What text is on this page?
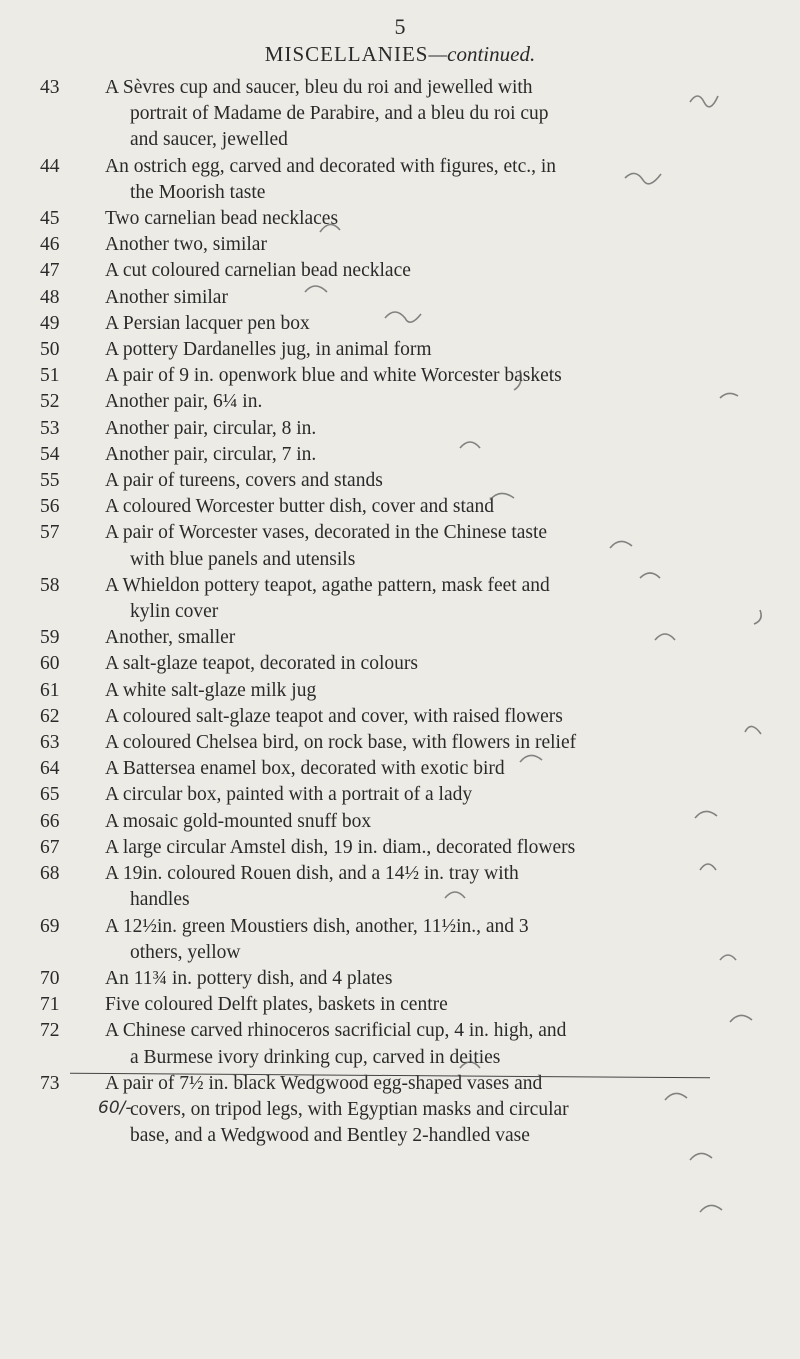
5
MISCELLANIES—continued.
43	A Sèvres cup and saucer, bleu du roi and jewelled with
portrait of Madame de Parabire, and a bleu du roi cup
and saucer, jewelled
44	An ostrich egg, carved and decorated with figures, etc., in
the Moorish taste
45	Two carnelian bead necklaces
46	Another two, similar
47	A cut coloured carnelian bead necklace
48	Another similar
49	A Persian lacquer pen box
50	A pottery Dardanelles jug, in animal form
51	A pair of 9 in. openwork blue and white Worcester baskets
52	Another pair, 6¼ in.
53	Another pair, circular, 8 in.
54	Another pair, circular, 7 in.
55	A pair of tureens, covers and stands
56	A coloured Worcester butter dish, cover and stand
57	A pair of Worcester vases, decorated in the Chinese taste
with blue panels and utensils
58	A Whieldon pottery teapot, agathe pattern, mask feet and
kylin cover
59	Another, smaller
60	A salt-glaze teapot, decorated in colours
61	A white salt-glaze milk jug
62	A coloured salt-glaze teapot and cover, with raised flowers
63	A coloured Chelsea bird, on rock base, with flowers in relief
64	A Battersea enamel box, decorated with exotic bird
65	A circular box, painted with a portrait of a lady
66	A mosaic gold-mounted snuff box
67	A large circular Amstel dish, 19 in. diam., decorated flowers
68	A 19in. coloured Rouen dish, and a 14½ in. tray with
handles
69	A 12½in. green Moustiers dish, another, 11½in., and 3
others, yellow
70	An 11¾ in. pottery dish, and 4 plates
71	Five coloured Delft plates, baskets in centre
72	A Chinese carved rhinoceros sacrificial cup, 4 in. high, and
a Burmese ivory drinking cup, carved in deities
73	A pair of 7½ in. black Wedgwood egg-shaped vases and
covers, on tripod legs, with Egyptian masks and circular
base, and a Wedgwood and Bentley 2-handled vase
60/-
